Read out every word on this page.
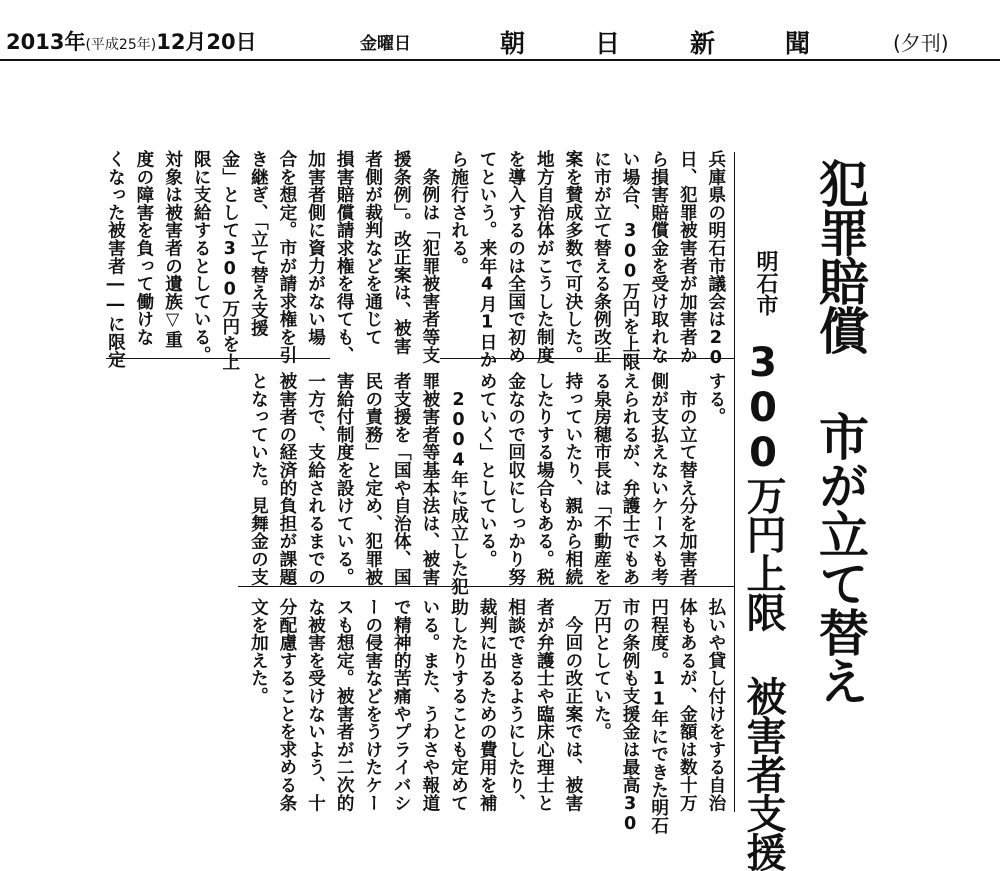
2013年(平成25年)12月20日	金曜日	朝日新聞 (夕刊)
犯罪賠償 市が立て替え
明石市
300万円上限 被害者支援
兵庫県の明石市議会は20
日、犯罪被害者が加害者か
ら損害賠償金を受け取れな
い場合、300万円を上限
に市が立て替える条例改正
案を賛成多数で可決した。
地方自治体がこうした制度
を導入するのは全国で初め
てという。来年4月1日か
ら施行される。
　条例は「犯罪被害者等支
援条例」。改正案は、被害
者側が裁判などを通じて
損害賠償請求権を得ても、
加害者側に資力がない場
合を想定。市が請求権を引
き継ぎ、「立て替え支援
金」として300万円を上
限に支給するとしている。
対象は被害者の遺族▽重
度の障害を負って働けな
くなった被害者――に限定
する。
　市の立て替え分を加害者
側が支払えないケースも考
えられるが、弁護士でもあ
る泉房穂市長は「不動産を
持っていたり、親から相続
したりする場合もある。税
金なので回収にしっかり努
めていく」としている。
　2004年に成立した犯
罪被害者等基本法は、被害
者支援を「国や自治体、国
民の責務」と定め、犯罪被
害給付制度を設けている。
一方で、支給されるまでの
被害者の経済的負担が課題
となっていた。見舞金の支
払いや貸し付けをする自治
体もあるが、金額は数十万
円程度。11年にできた明石
市の条例も支援金は最高30
万円としていた。
　今回の改正案では、被害
者が弁護士や臨床心理士と
相談できるようにしたり、
裁判に出るための費用を補
助したりすることも定めて
いる。また、うわさや報道
で精神的苦痛やプライバシ
ーの侵害などをうけたケー
スも想定。被害者が二次的
な被害を受けないよう、十
分配慮することを求める条
文を加えた。
